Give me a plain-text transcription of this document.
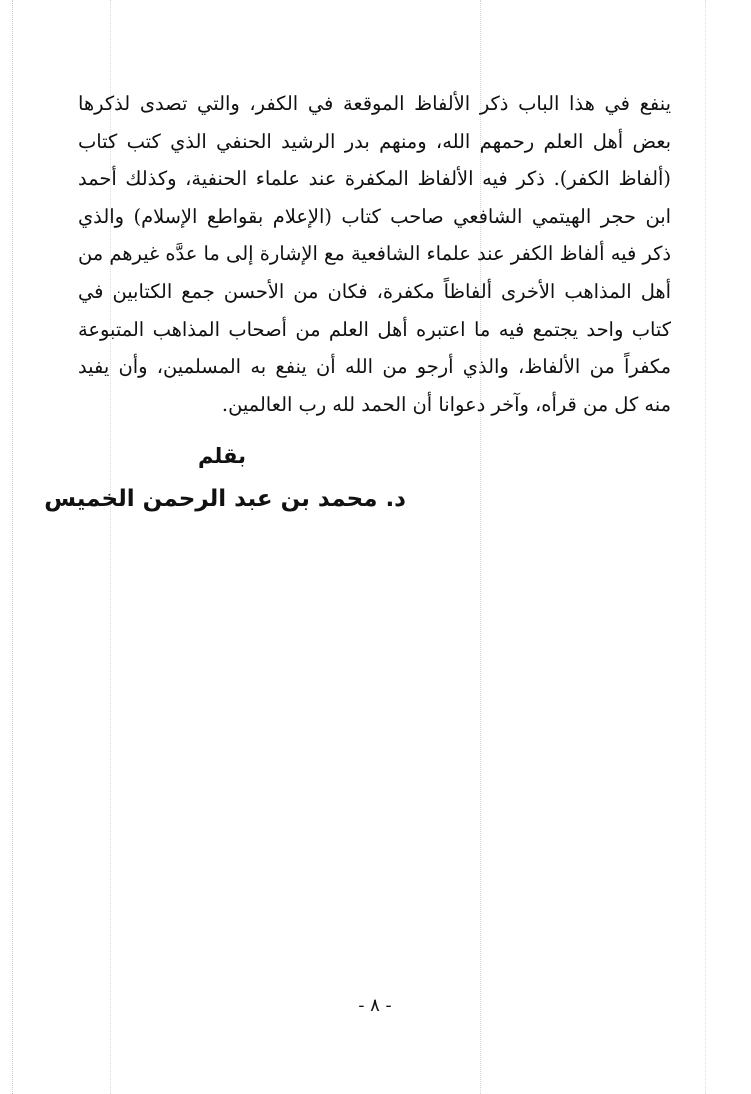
ينفع في هذا الباب ذكر الألفاظ الموقعة في الكفر، والتي تصدى لذكرها
بعض أهل العلم رحمهم الله، ومنهم بدر الرشيد الحنفي الذي كتب كتاب
(ألفاظ الكفر). ذكر فيه الألفاظ المكفرة عند علماء الحنفية، وكذلك أحمد
ابن حجر الهيتمي الشافعي صاحب كتاب (الإعلام بقواطع الإسلام) والذي
ذكر فيه ألفاظ الكفر عند علماء الشافعية مع الإشارة إلى ما عدَّه غيرهم من
أهل المذاهب الأخرى ألفاظاً مكفرة، فكان من الأحسن جمع الكتابين في
كتاب واحد يجتمع فيه ما اعتبره أهل العلم من أصحاب المذاهب المتبوعة
مكفراً من الألفاظ، والذي أرجو من الله أن ينفع به المسلمين، وأن يفيد
منه كل من قرأه، وآخر دعوانا أن الحمد لله رب العالمين.
بقلم
د. محمد بن عبد الرحمن الخميس
- ٨ -
